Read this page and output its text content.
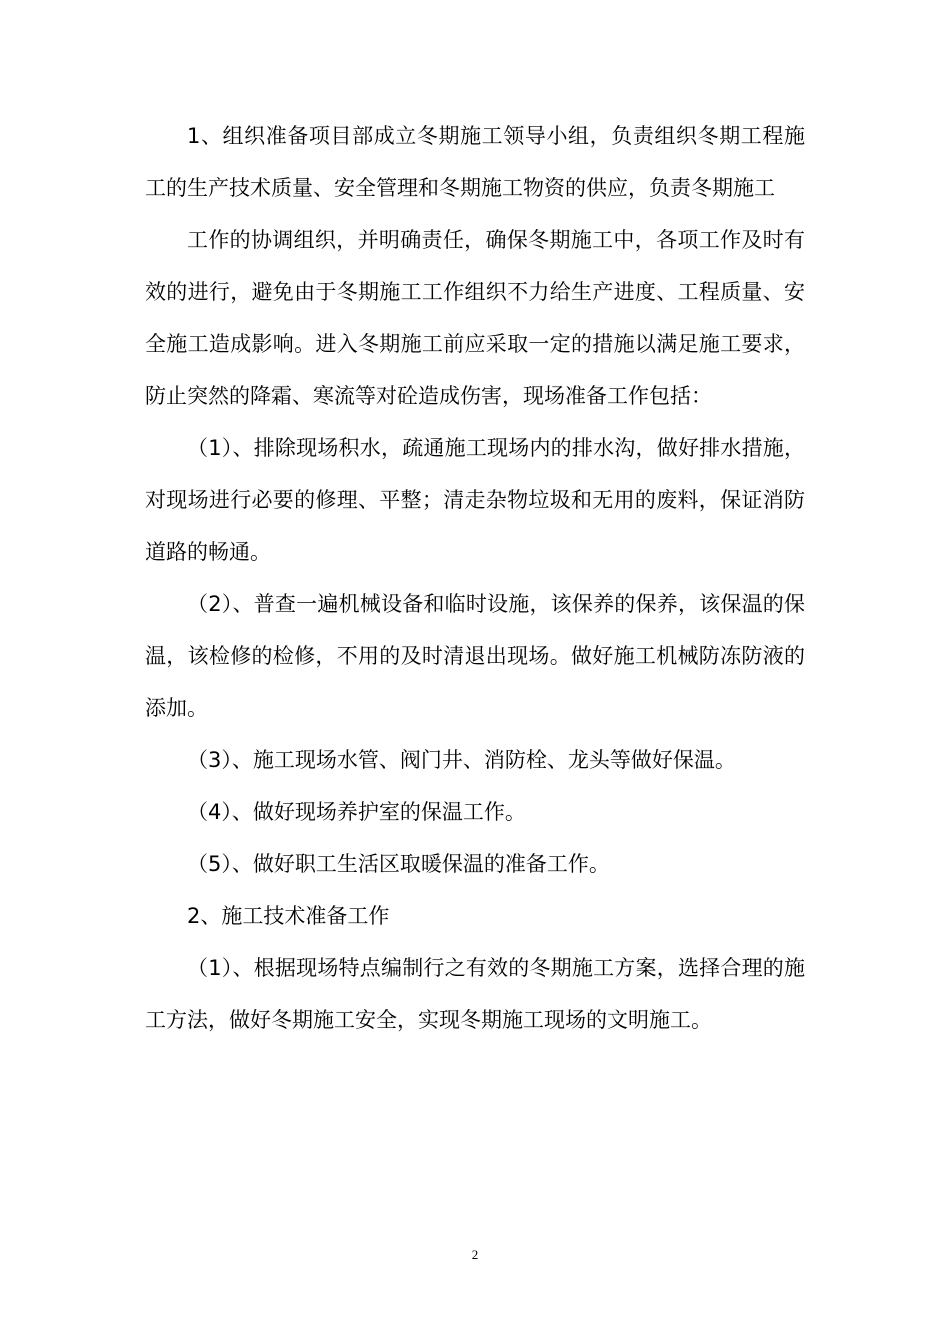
1、组织准备项目部成立冬期施工领导小组，负责组织冬期工程施工的生产技术质量、安全管理和冬期施工物资的供应，负责冬期施工

工作的协调组织，并明确责任，确保冬期施工中，各项工作及时有效的进行，避免由于冬期施工工作组织不力给生产进度、工程质量、安全施工造成影响。进入冬期施工前应采取一定的措施以满足施工要求，防止突然的降霜、寒流等对砼造成伤害，现场准备工作包括：

（1）、排除现场积水，疏通施工现场内的排水沟，做好排水措施，对现场进行必要的修理、平整；清走杂物垃圾和无用的废料，保证消防道路的畅通。

（2）、普查一遍机械设备和临时设施，该保养的保养，该保温的保温，该检修的检修，不用的及时清退出现场。做好施工机械防冻防液的添加。

（3）、施工现场水管、阀门井、消防栓、龙头等做好保温。

（4）、做好现场养护室的保温工作。

（5）、做好职工生活区取暖保温的准备工作。

2、施工技术准备工作

（1）、根据现场特点编制行之有效的冬期施工方案，选择合理的施工方法，做好冬期施工安全，实现冬期施工现场的文明施工。

2
